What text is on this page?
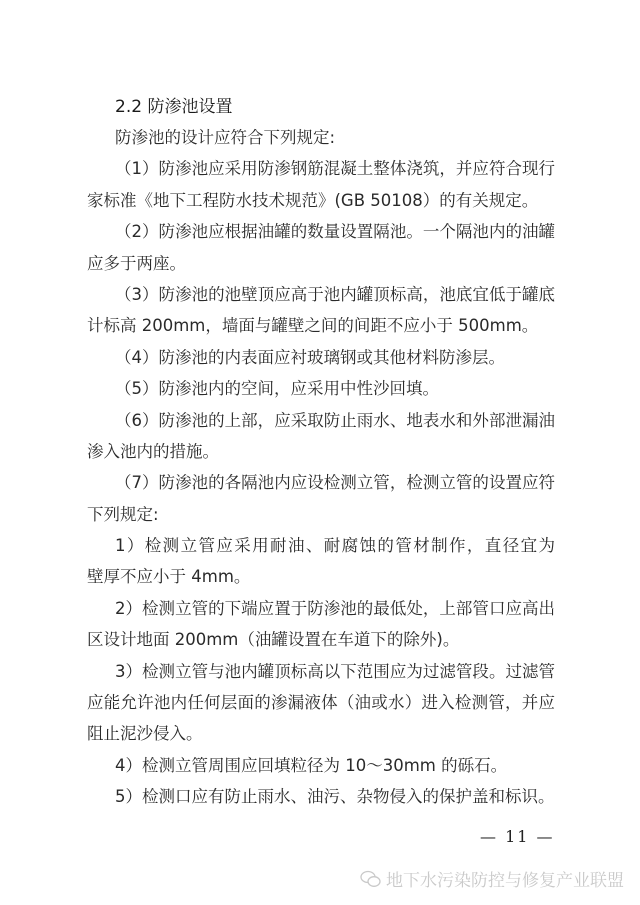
2.2 防渗池设置
防渗池的设计应符合下列规定:
（1）防渗池应采用防渗钢筋混凝土整体浇筑，并应符合现行
家标准《地下工程防水技术规范》(GB 50108）的有关规定。
（2）防渗池应根据油罐的数量设置隔池。一个隔池内的油罐
应多于两座。
（3）防渗池的池壁顶应高于池内罐顶标高，池底宜低于罐底
计标高 200mm，墙面与罐壁之间的间距不应小于 500mm。
（4）防渗池的内表面应衬玻璃钢或其他材料防渗层。
（5）防渗池内的空间，应采用中性沙回填。
（6）防渗池的上部，应采取防止雨水、地表水和外部泄漏油
渗入池内的措施。
（7）防渗池的各隔池内应设检测立管，检测立管的设置应符
下列规定:
1）检测立管应采用耐油、耐腐蚀的管材制作，直径宜为
壁厚不应小于 4mm。
2）检测立管的下端应置于防渗池的最低处，上部管口应高出
区设计地面 200mm（油罐设置在车道下的除外)。
3）检测立管与池内罐顶标高以下范围应为过滤管段。过滤管
应能允许池内任何层面的渗漏液体（油或水）进入检测管，并应
阻止泥沙侵入。
4）检测立管周围应回填粒径为 10～30mm 的砾石。
5）检测口应有防止雨水、油污、杂物侵入的保护盖和标识。
— 11 —
地下水污染防控与修复产业联盟
